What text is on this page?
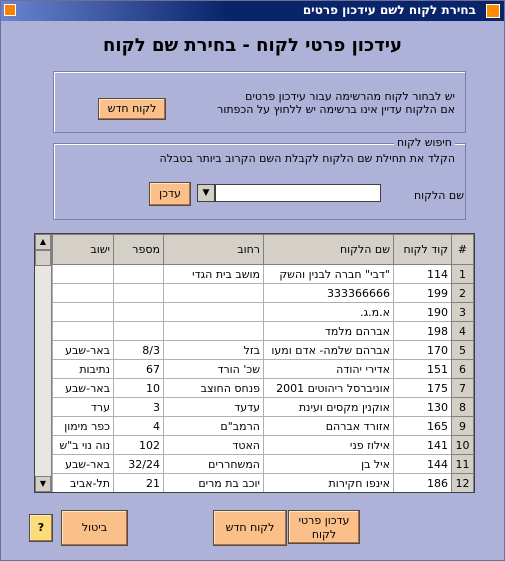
בחירת לקוח לשם עידכון פרטים
עידכון פרטי לקוח - בחירת שם לקוח
יש לבחור לקוח מהרשימה עבור עידכון פרטים
אם הלקוח עדיין אינו ברשימה יש ללחוץ על הכפתור
לקוח חדש
חיפוש לקוח
הקלד את תחילת שם הלקוח לקבלת השם הקרוב ביותר בטבלה
שם הלקוח
▼
עדכן
▲
▼
#	קוד לקוח	שם הלקוח	רחוב	מספר	ישוב
1	114	"דבי" חברה לבנין והשק	מושב בית הגדי		
2	199	333366666			
3	190	א.מ.ג.			
4	198	אברהם מלמד			
5	170	אברהם שלמה- אדם ומעו	בזל	8/3	באר-שבע
6	151	אדירי יהודה	שכ' הורד	67	נתיבות
7	175	אוניברסל ריהוטים 2001	פנחס החוצב	10	באר-שבע
8	130	אוקנין מקסים ועינת	עדעד	3	ערד
9	165	אזורד אברהם	הרמב"ם	4	כפר מימון
10	141	אילוז פני	האטד	102	נוה נוי ב"ש
11	144	איל בן	המשחררים	32/24	באר-שבע
12	186	אינפו חקירות	יוכב בת מרים	21	תל-אביב
?	ביטול	לקוח חדש
עדכון פרטי
לקוח
